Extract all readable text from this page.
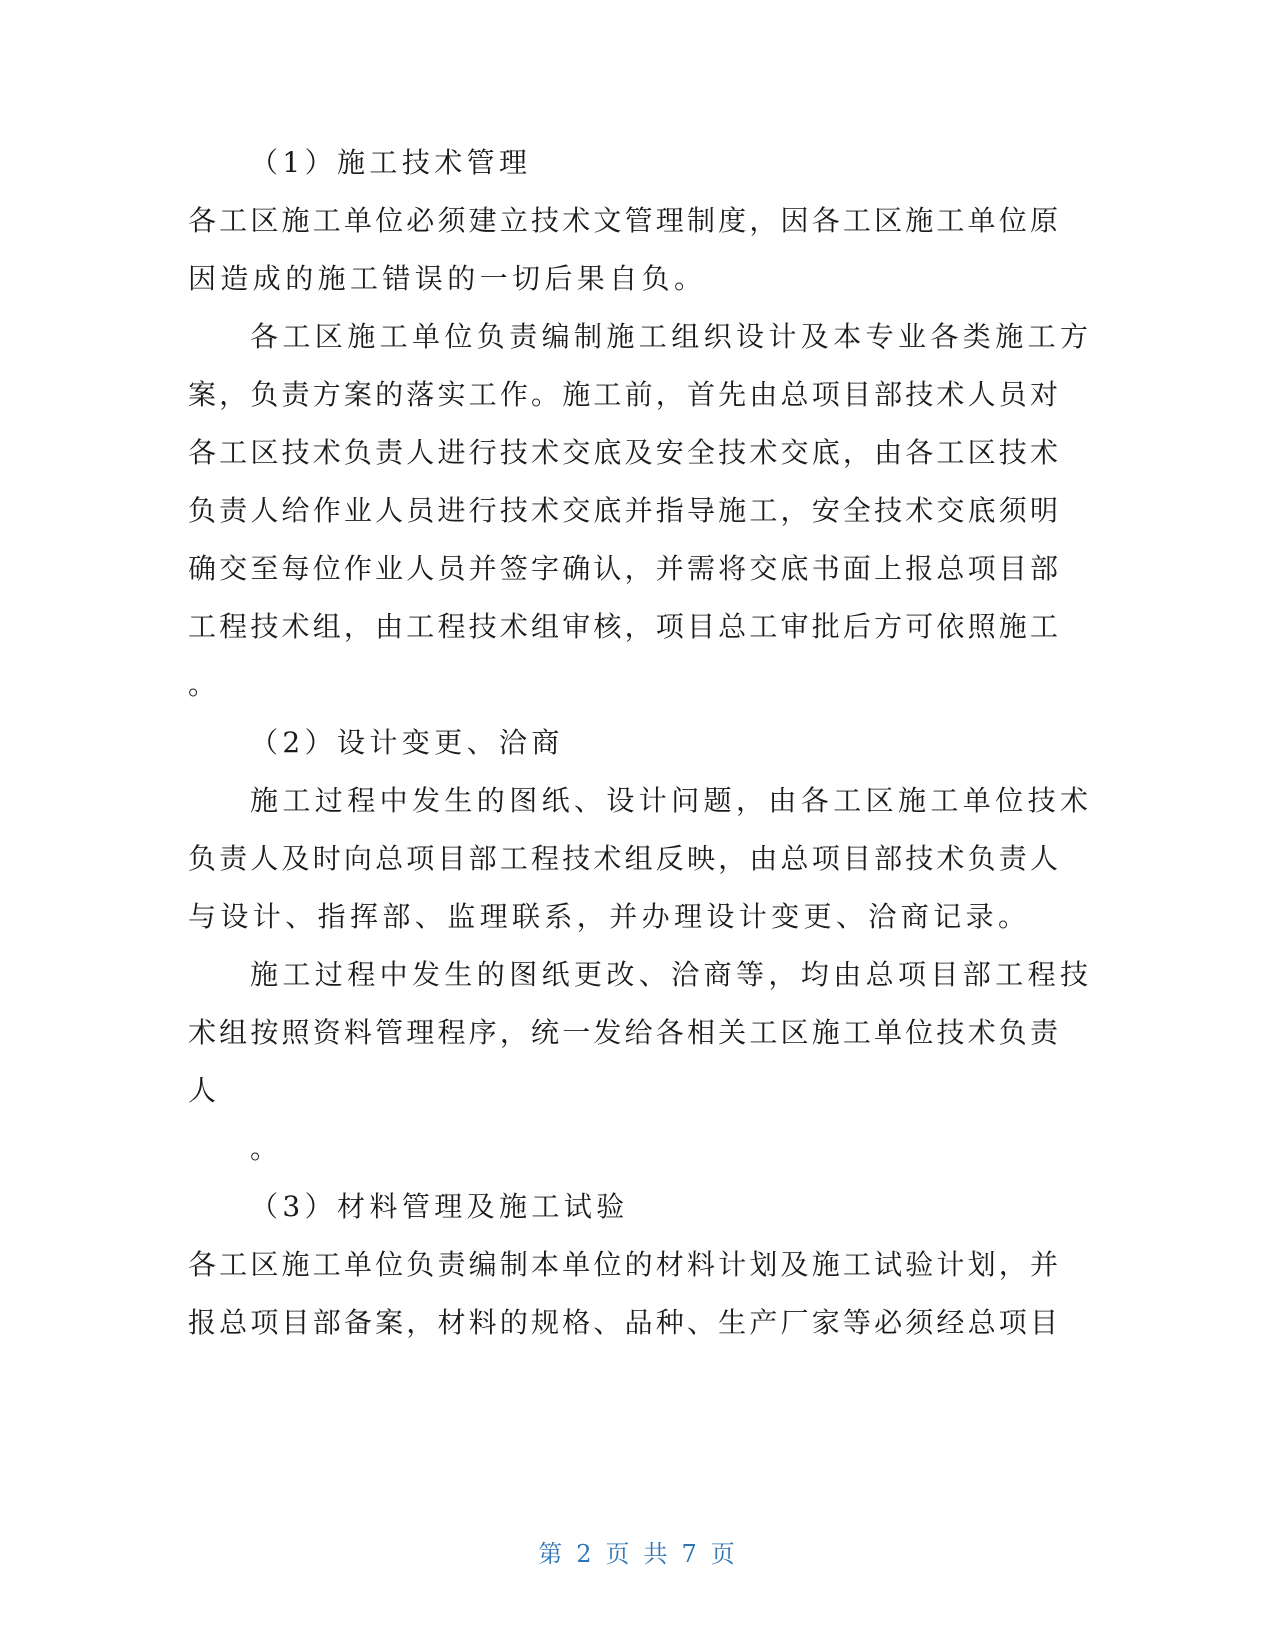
（1）施工技术管理
各工区施工单位必须建立技术文管理制度，因各工区施工单位原
因造成的施工错误的一切后果自负。
各工区施工单位负责编制施工组织设计及本专业各类施工方
案，负责方案的落实工作。施工前，首先由总项目部技术人员对
各工区技术负责人进行技术交底及安全技术交底，由各工区技术
负责人给作业人员进行技术交底并指导施工，安全技术交底须明
确交至每位作业人员并签字确认，并需将交底书面上报总项目部
工程技术组，由工程技术组审核，项目总工审批后方可依照施工
。
（2）设计变更、洽商
施工过程中发生的图纸、设计问题，由各工区施工单位技术
负责人及时向总项目部工程技术组反映，由总项目部技术负责人
与设计、指挥部、监理联系，并办理设计变更、洽商记录。
施工过程中发生的图纸更改、洽商等，均由总项目部工程技
术组按照资料管理程序，统一发给各相关工区施工单位技术负责
人
。
（3）材料管理及施工试验
各工区施工单位负责编制本单位的材料计划及施工试验计划，并
报总项目部备案，材料的规格、品种、生产厂家等必须经总项目
第 2 页 共 7 页
